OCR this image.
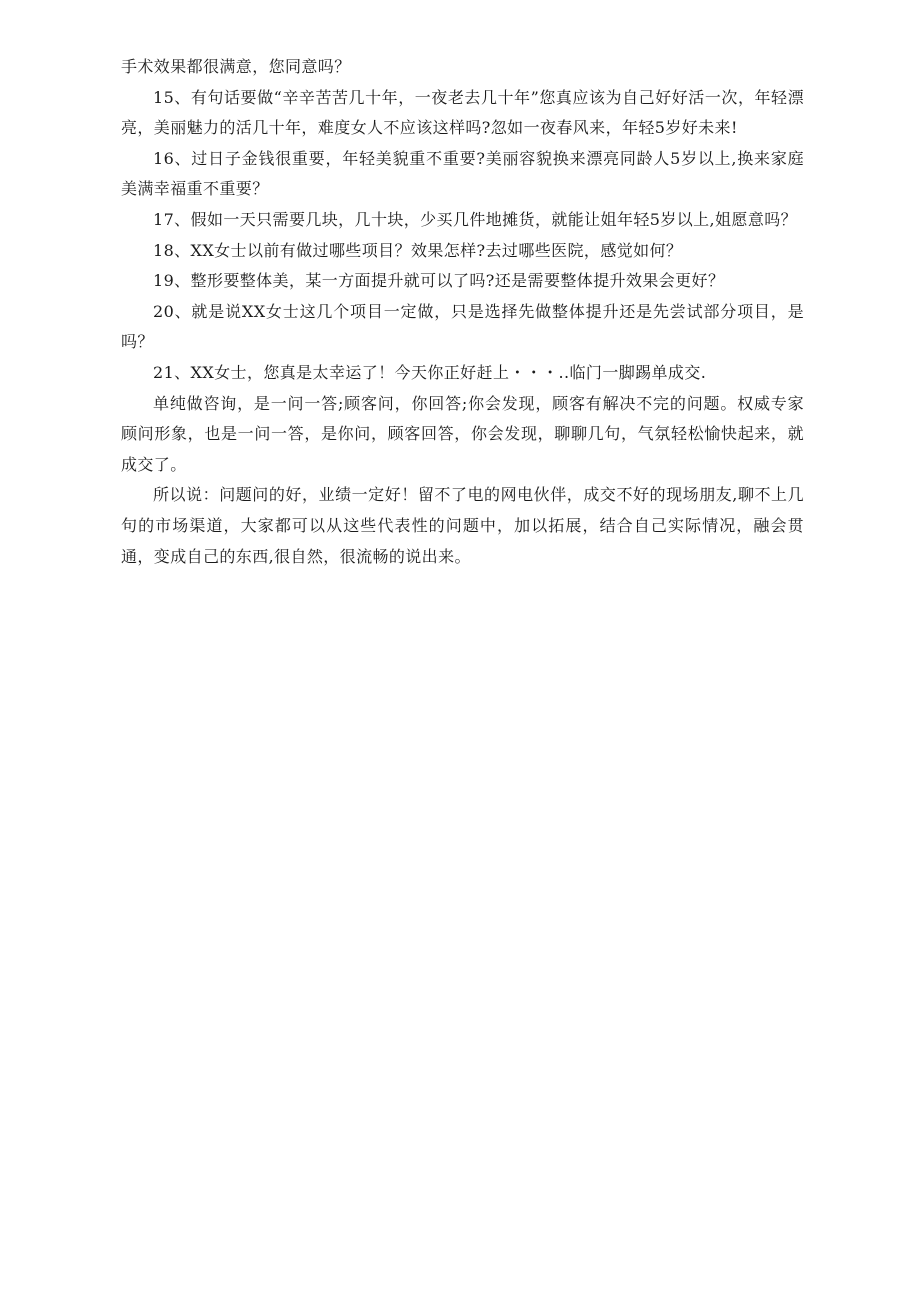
手术效果都很满意，您同意吗？

15、有句话要做“辛辛苦苦几十年，一夜老去几十年”您真应该为自己好好活一次，年轻漂亮，美丽魅力的活几十年，难度女人不应该这样吗?忽如一夜春风来，年轻5岁好未来!

16、过日子金钱很重要，年轻美貌重不重要?美丽容貌换来漂亮同龄人5岁以上,换来家庭美满幸福重不重要？

17、假如一天只需要几块，几十块，少买几件地摊货，就能让姐年轻5岁以上,姐愿意吗？

18、XX女士以前有做过哪些项目？效果怎样?去过哪些医院，感觉如何？

19、整形要整体美，某一方面提升就可以了吗?还是需要整体提升效果会更好？

20、就是说XX女士这几个项目一定做，只是选择先做整体提升还是先尝试部分项目，是吗？

21、XX女士，您真是太幸运了！今天你正好赶上・・・..临门一脚踢单成交.

单纯做咨询，是一问一答;顾客问，你回答;你会发现，顾客有解决不完的问题。权威专家顾问形象，也是一问一答，是你问，顾客回答，你会发现，聊聊几句，气氛轻松愉快起来，就成交了。

所以说：问题问的好，业绩一定好！留不了电的网电伙伴，成交不好的现场朋友,聊不上几句的市场渠道，大家都可以从这些代表性的问题中，加以拓展，结合自己实际情况，融会贯通，变成自己的东西,很自然，很流畅的说出来。
